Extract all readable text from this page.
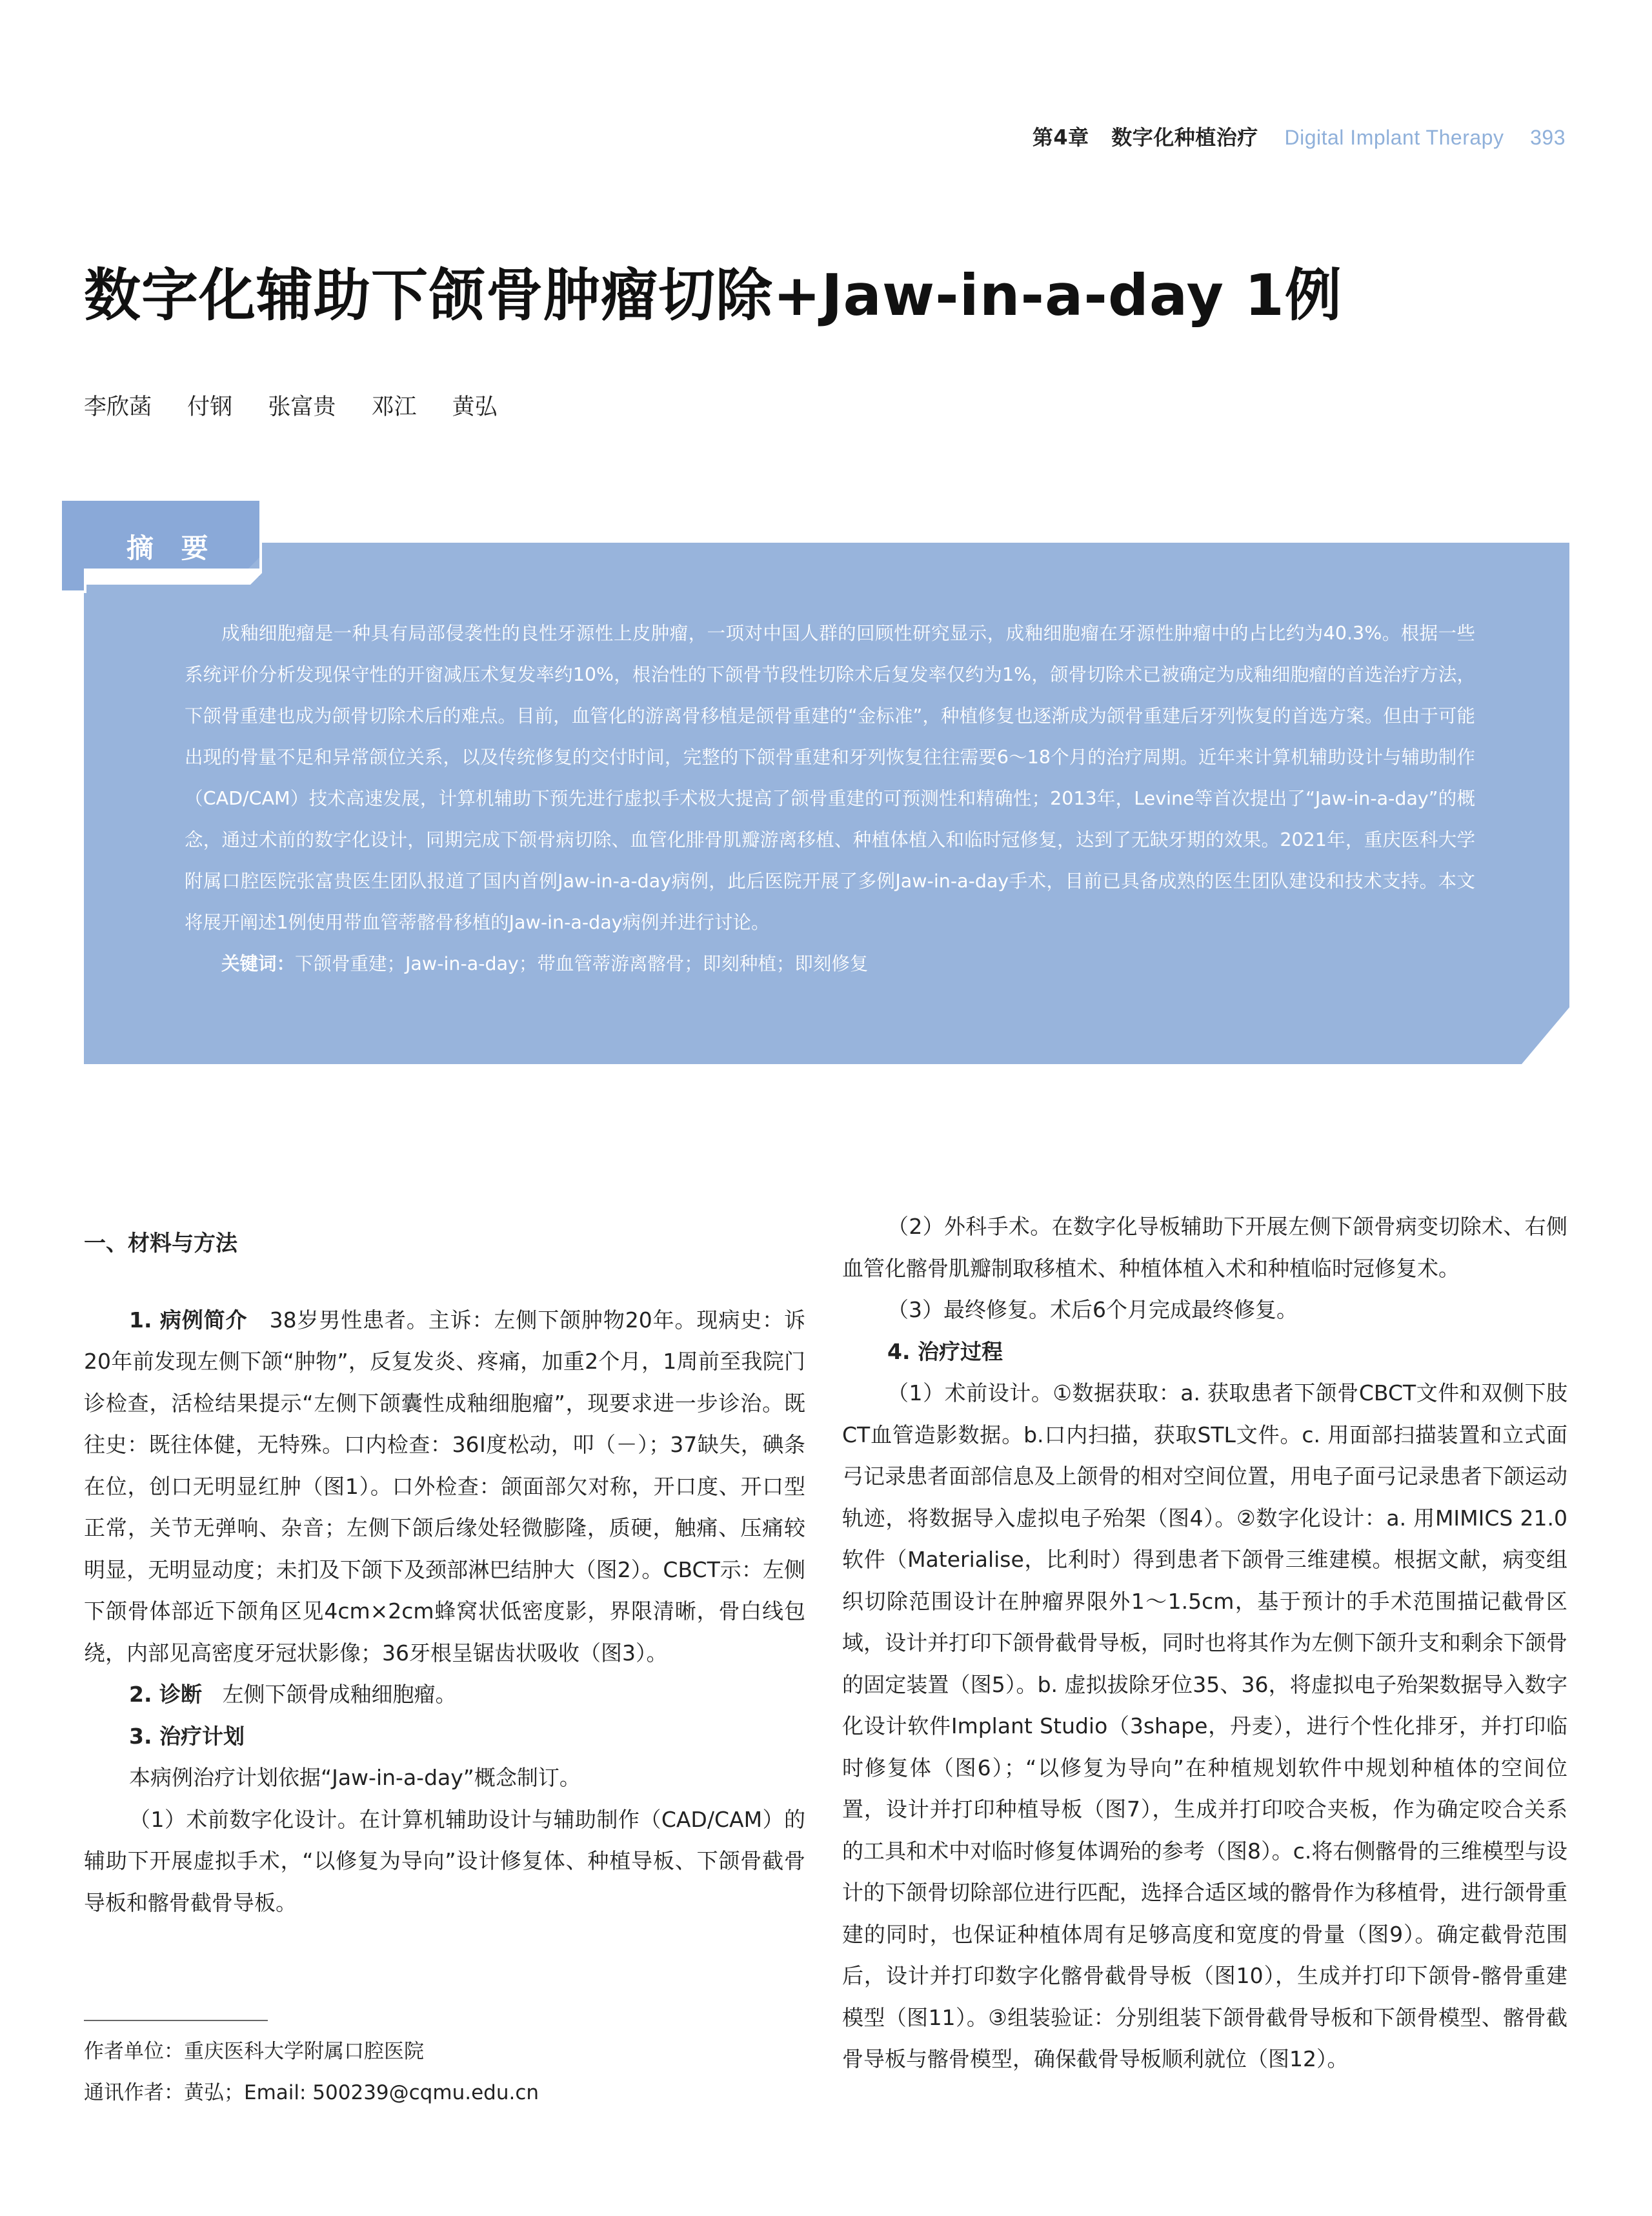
第4章 数字化种植治疗 Digital Implant Therapy 393
数字化辅助下颌骨肿瘤切除+Jaw-in-a-day 1例
李欣菡 付钢 张富贵 邓江 黄弘
摘 要

成釉细胞瘤是一种具有局部侵袭性的良性牙源性上皮肿瘤，一项对中国人群的回顾性研究显示，成釉细胞瘤在牙源性肿瘤中的占比约为40.3%。根据一些系统评价分析发现保守性的开窗减压术复发率约10%，根治性的下颌骨节段性切除术后复发率仅约为1%，颌骨切除术已被确定为成釉细胞瘤的首选治疗方法，下颌骨重建也成为颌骨切除术后的难点。目前，血管化的游离骨移植是颌骨重建的“金标准”，种植修复也逐渐成为颌骨重建后牙列恢复的首选方案。但由于可能出现的骨量不足和异常颌位关系，以及传统修复的交付时间，完整的下颌骨重建和牙列恢复往往需要6～18个月的治疗周期。近年来计算机辅助设计与辅助制作（CAD/CAM）技术高速发展，计算机辅助下预先进行虚拟手术极大提高了颌骨重建的可预测性和精确性；2013年，Levine等首次提出了“Jaw-in-a-day”的概念，通过术前的数字化设计，同期完成下颌骨病切除、血管化腓骨肌瓣游离移植、种植体植入和临时冠修复，达到了无缺牙期的效果。2021年，重庆医科大学附属口腔医院张富贵医生团队报道了国内首例Jaw-in-a-day病例，此后医院开展了多例Jaw-in-a-day手术，目前已具备成熟的医生团队建设和技术支持。本文将展开阐述1例使用带血管蒂髂骨移植的Jaw-in-a-day病例并进行讨论。

关键词：下颌骨重建；Jaw-in-a-day；带血管蒂游离髂骨；即刻种植；即刻修复

一、材料与方法

1. 病例简介 38岁男性患者。主诉：左侧下颌肿物20年。现病史：诉20年前发现左侧下颌“肿物”，反复发炎、疼痛，加重2个月，1周前至我院门诊检查，活检结果提示“左侧下颌囊性成釉细胞瘤”，现要求进一步诊治。既往史：既往体健，无特殊。口内检查：36Ⅰ度松动，叩（－）；37缺失，碘条在位，创口无明显红肿（图1）。口外检查：颌面部欠对称，开口度、开口型正常，关节无弹响、杂音；左侧下颌后缘处轻微膨隆，质硬，触痛、压痛较明显，无明显动度；未扪及下颌下及颈部淋巴结肿大（图2）。CBCT示：左侧下颌骨体部近下颌角区见4cm×2cm蜂窝状低密度影，界限清晰，骨白线包绕，内部见高密度牙冠状影像；36牙根呈锯齿状吸收（图3）。

2. 诊断 左侧下颌骨成釉细胞瘤。

3. 治疗计划

本病例治疗计划依据“Jaw-in-a-day”概念制订。

（1）术前数字化设计。在计算机辅助设计与辅助制作（CAD/CAM）的辅助下开展虚拟手术，“以修复为导向”设计修复体、种植导板、下颌骨截骨导板和髂骨截骨导板。

（2）外科手术。在数字化导板辅助下开展左侧下颌骨病变切除术、右侧血管化髂骨肌瓣制取移植术、种植体植入术和种植临时冠修复术。

（3）最终修复。术后6个月完成最终修复。

4. 治疗过程

（1）术前设计。①数据获取：a. 获取患者下颌骨CBCT文件和双侧下肢CT血管造影数据。b.口内扫描，获取STL文件。c. 用面部扫描装置和立式面弓记录患者面部信息及上颌骨的相对空间位置，用电子面弓记录患者下颌运动轨迹，将数据导入虚拟电子殆架（图4）。②数字化设计：a. 用MIMICS 21.0软件（Materialise，比利时）得到患者下颌骨三维建模。根据文献，病变组织切除范围设计在肿瘤界限外1～1.5cm，基于预计的手术范围描记截骨区域，设计并打印下颌骨截骨导板，同时也将其作为左侧下颌升支和剩余下颌骨的固定装置（图5）。b. 虚拟拔除牙位35、36，将虚拟电子殆架数据导入数字化设计软件Implant Studio（3shape，丹麦），进行个性化排牙，并打印临时修复体（图6）；“以修复为导向”在种植规划软件中规划种植体的空间位置，设计并打印种植导板（图7），生成并打印咬合夹板，作为确定咬合关系的工具和术中对临时修复体调殆的参考（图8）。c.将右侧髂骨的三维模型与设计的下颌骨切除部位进行匹配，选择合适区域的髂骨作为移植骨，进行颌骨重建的同时，也保证种植体周有足够高度和宽度的骨量（图9）。确定截骨范围后，设计并打印数字化髂骨截骨导板（图10），生成并打印下颌骨-髂骨重建模型（图11）。③组装验证：分别组装下颌骨截骨导板和下颌骨模型、髂骨截骨导板与髂骨模型，确保截骨导板顺利就位（图12）。

作者单位：重庆医科大学附属口腔医院

通讯作者：黄弘；Email: 500239@cqmu.edu.cn
